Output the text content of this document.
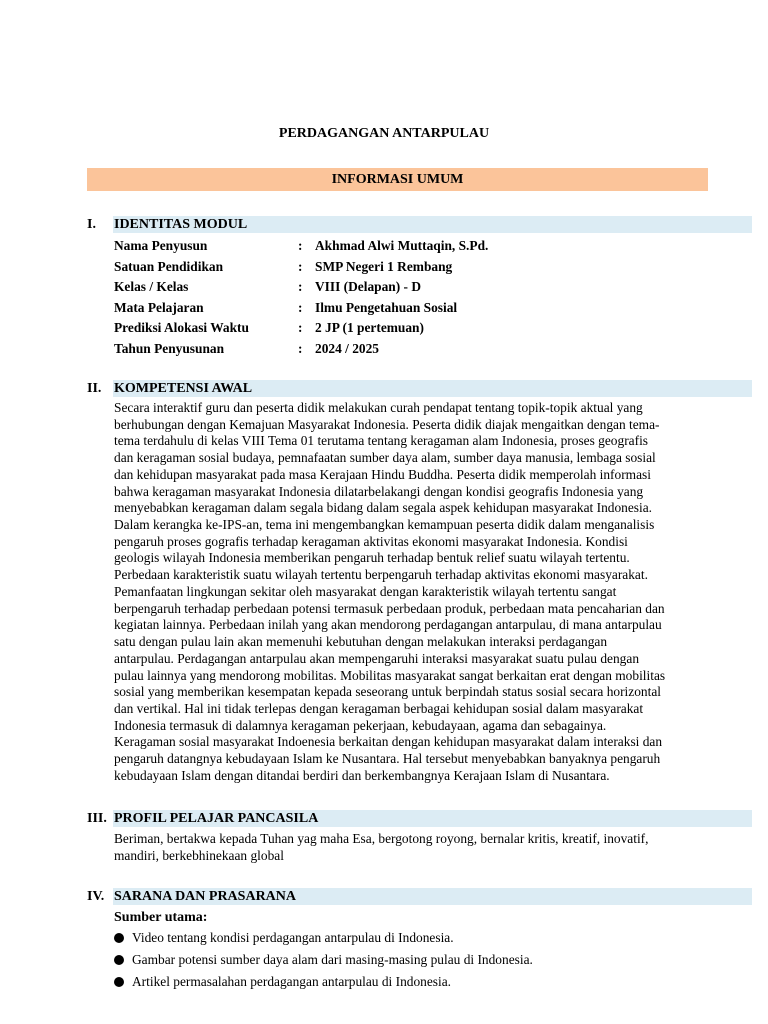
PERDAGANGAN ANTARPULAU
INFORMASI UMUM
I. IDENTITAS MODUL
Nama Penyusun	: Akhmad Alwi Muttaqin, S.Pd.
Satuan Pendidikan	: SMP Negeri 1 Rembang
Kelas / Kelas	: VIII (Delapan) - D
Mata Pelajaran	: Ilmu Pengetahuan Sosial
Prediksi Alokasi Waktu	: 2 JP (1 pertemuan)
Tahun Penyusunan	: 2024 / 2025
II. KOMPETENSI AWAL
Secara interaktif guru dan peserta didik melakukan curah pendapat tentang topik-topik aktual yang
berhubungan dengan Kemajuan Masyarakat Indonesia. Peserta didik diajak mengaitkan dengan tema-
tema terdahulu di kelas VIII Tema 01 terutama tentang keragaman alam Indonesia, proses geografis
dan keragaman sosial budaya, pemnafaatan sumber daya alam, sumber daya manusia, lembaga sosial
dan kehidupan masyarakat pada masa Kerajaan Hindu Buddha. Peserta didik memperolah informasi
bahwa keragaman masyarakat Indonesia dilatarbelakangi dengan kondisi geografis Indonesia yang
menyebabkan keragaman dalam segala bidang dalam segala aspek kehidupan masyarakat Indonesia.
Dalam kerangka ke-IPS-an, tema ini mengembangkan kemampuan peserta didik dalam menganalisis
pengaruh proses gografis terhadap keragaman aktivitas ekonomi masyarakat Indonesia. Kondisi
geologis wilayah Indonesia memberikan pengaruh terhadap bentuk relief suatu wilayah tertentu.
Perbedaan karakteristik suatu wilayah tertentu berpengaruh terhadap aktivitas ekonomi masyarakat.
Pemanfaatan lingkungan sekitar oleh masyarakat dengan karakteristik wilayah tertentu sangat
berpengaruh terhadap perbedaan potensi termasuk perbedaan produk, perbedaan mata pencaharian dan
kegiatan lainnya. Perbedaan inilah yang akan mendorong perdagangan antarpulau, di mana antarpulau
satu dengan pulau lain akan memenuhi kebutuhan dengan melakukan interaksi perdagangan
antarpulau. Perdagangan antarpulau akan mempengaruhi interaksi masyarakat suatu pulau dengan
pulau lainnya yang mendorong mobilitas. Mobilitas masyarakat sangat berkaitan erat dengan mobilitas
sosial yang memberikan kesempatan kepada seseorang untuk berpindah status sosial secara horizontal
dan vertikal. Hal ini tidak terlepas dengan keragaman berbagai kehidupan sosial dalam masyarakat
Indonesia termasuk di dalamnya keragaman pekerjaan, kebudayaan, agama dan sebagainya.
Keragaman sosial masyarakat Indoenesia berkaitan dengan kehidupan masyarakat dalam interaksi dan
pengaruh datangnya kebudayaan Islam ke Nusantara. Hal tersebut menyebabkan banyaknya pengaruh
kebudayaan Islam dengan ditandai berdiri dan berkembangnya Kerajaan Islam di Nusantara.
III. PROFIL PELAJAR PANCASILA
Beriman, bertakwa kepada Tuhan yag maha Esa, bergotong royong, bernalar kritis, kreatif, inovatif,
mandiri, berkebhinekaan global
IV. SARANA DAN PRASARANA
Sumber utama:
Video tentang kondisi perdagangan antarpulau di Indonesia.
Gambar potensi sumber daya alam dari masing-masing pulau di Indonesia.
Artikel permasalahan perdagangan antarpulau di Indonesia.
